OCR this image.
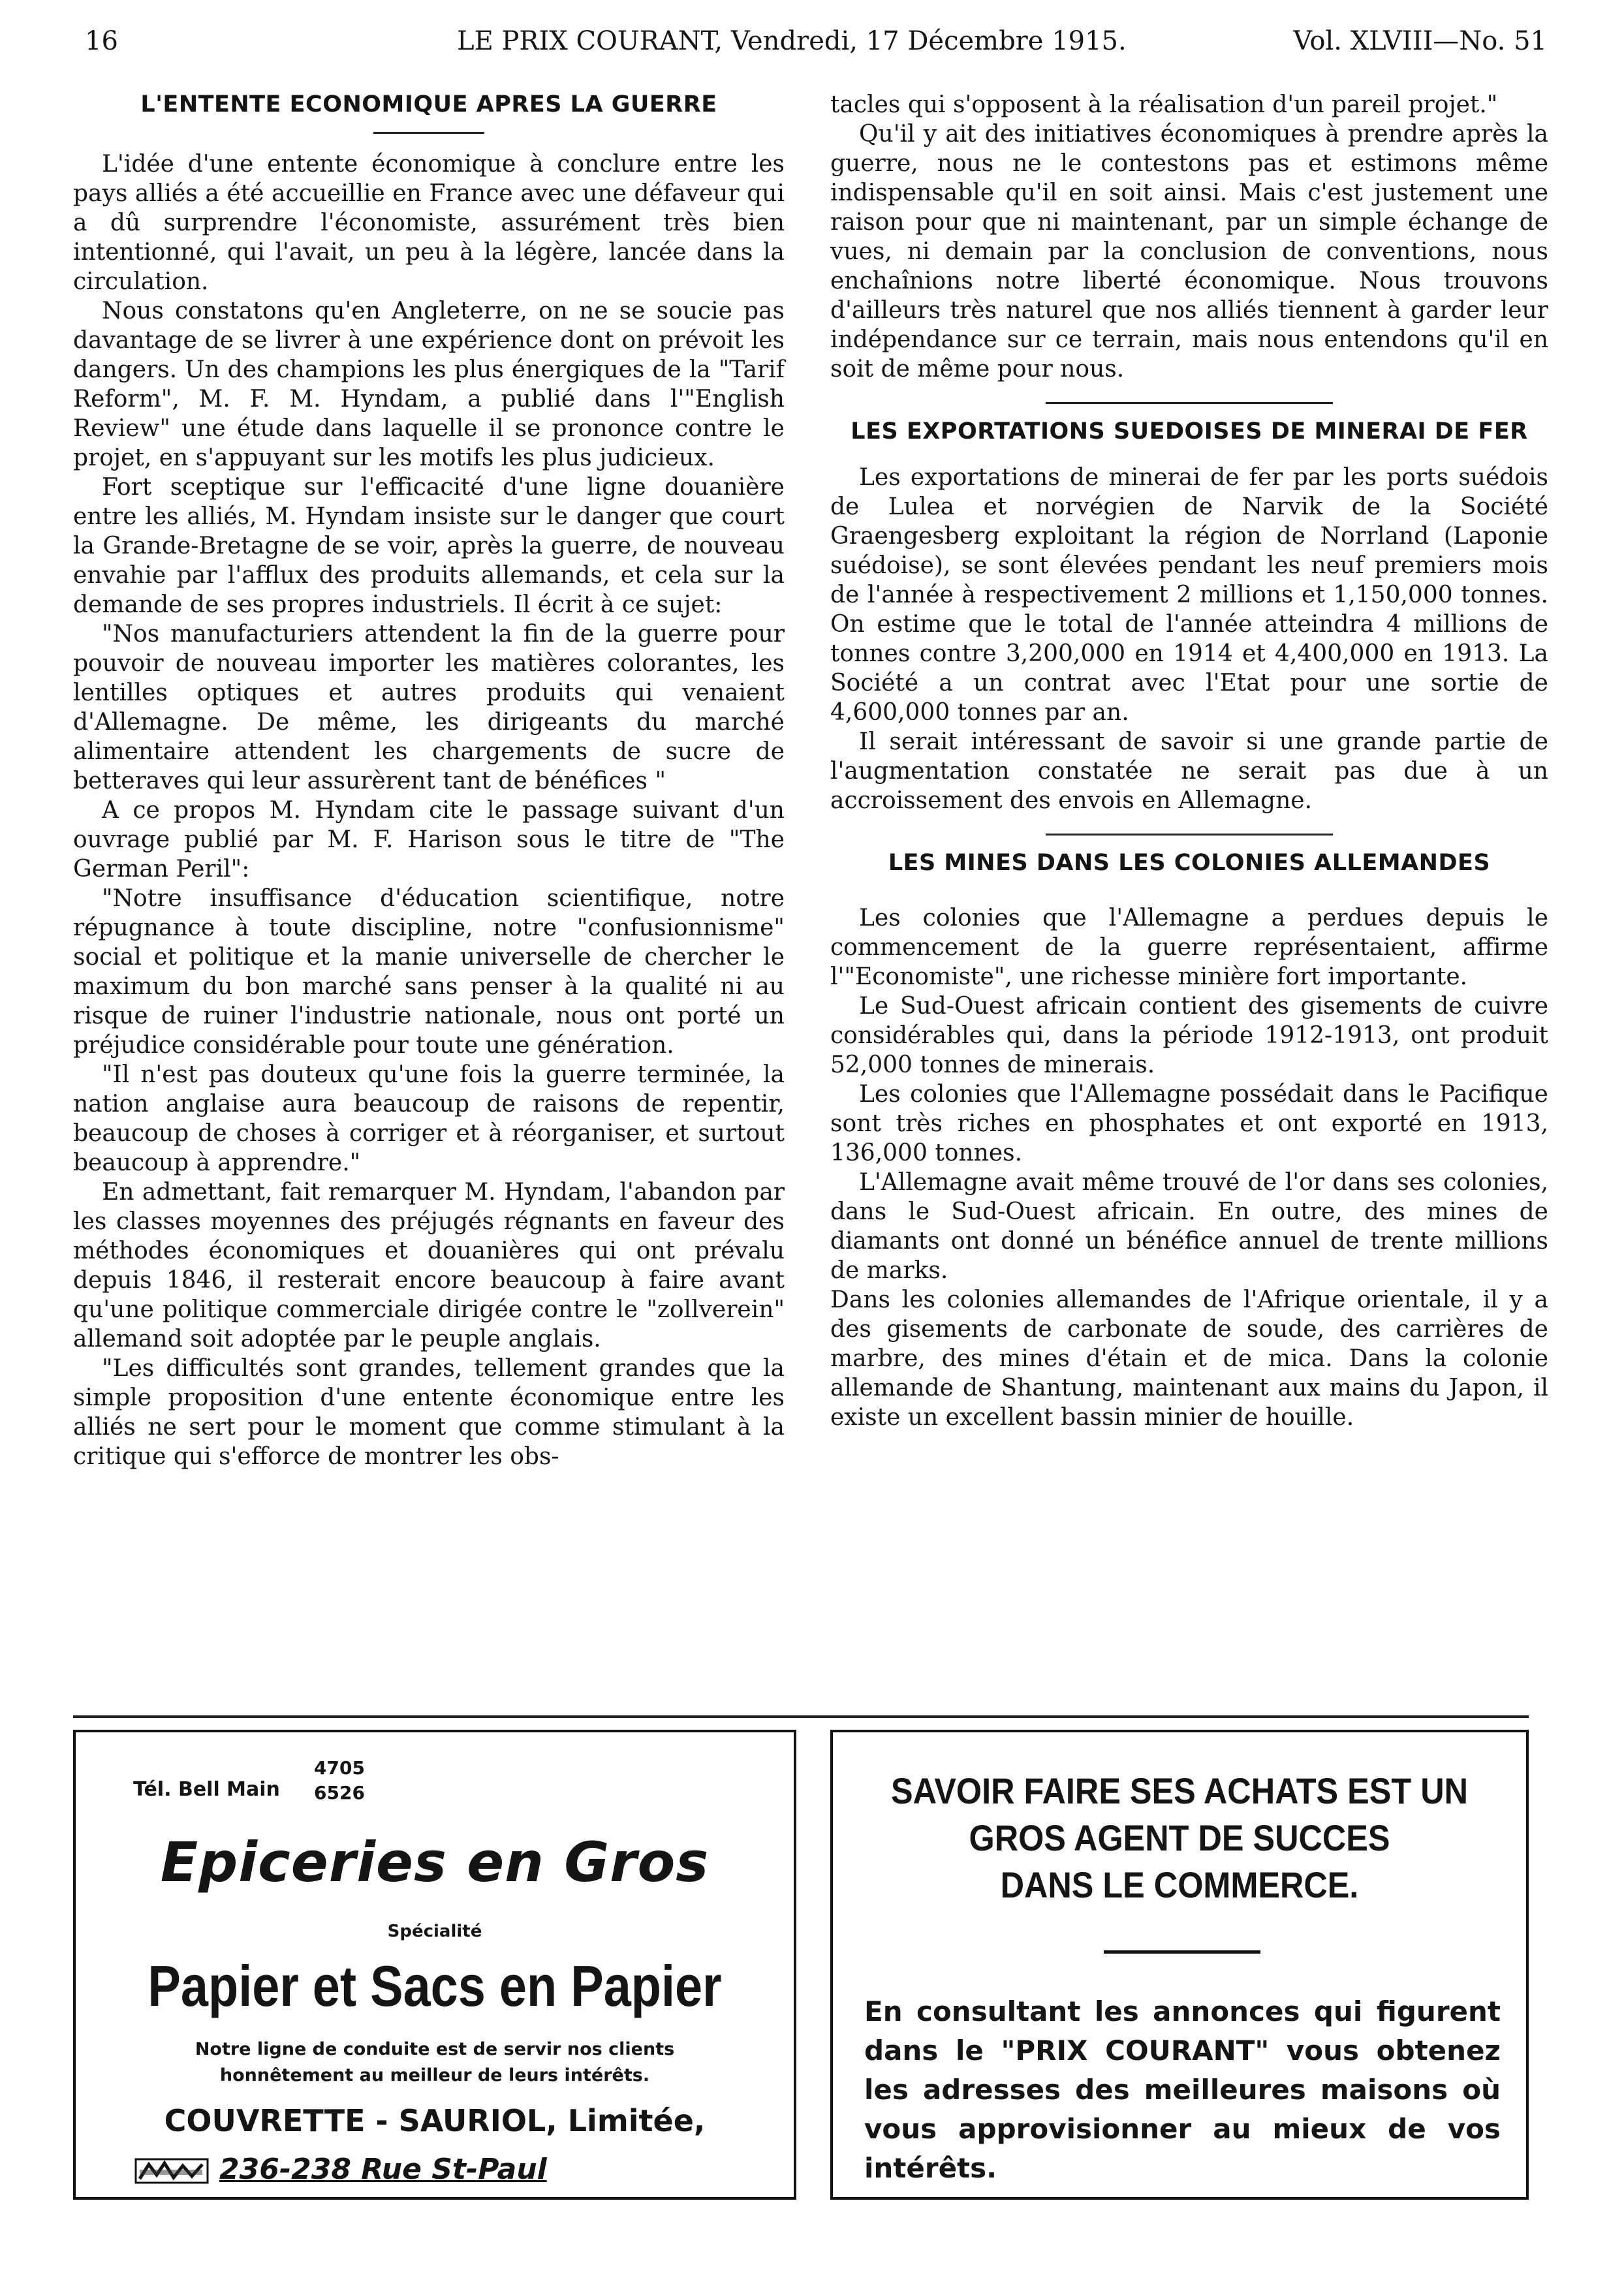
16	LE PRIX COURANT, Vendredi, 17 Décembre 1915.	Vol. XLVIII—No. 51
L'ENTENTE ECONOMIQUE APRES LA GUERRE

L'idée d'une entente économique à conclure entre les pays alliés a été accueillie en France avec une défaveur qui a dû surprendre l'économiste, assurément très bien intentionné, qui l'avait, un peu à la légère, lancée dans la circulation.

Nous constatons qu'en Angleterre, on ne se soucie pas davantage de se livrer à une expérience dont on prévoit les dangers. Un des champions les plus énergiques de la "Tarif Reform", M. F. M. Hyndam, a publié dans l'"English Review" une étude dans laquelle il se prononce contre le projet, en s'appuyant sur les motifs les plus judicieux.

Fort sceptique sur l'efficacité d'une ligne douanière entre les alliés, M. Hyndam insiste sur le danger que court la Grande-Bretagne de se voir, après la guerre, de nouveau envahie par l'afflux des produits allemands, et cela sur la demande de ses propres industriels. Il écrit à ce sujet:

"Nos manufacturiers attendent la fin de la guerre pour pouvoir de nouveau importer les matières colorantes, les lentilles optiques et autres produits qui venaient d'Allemagne. De même, les dirigeants du marché alimentaire attendent les chargements de sucre de betteraves qui leur assurèrent tant de bénéfices "

A ce propos M. Hyndam cite le passage suivant d'un ouvrage publié par M. F. Harison sous le titre de "The German Peril":

"Notre insuffisance d'éducation scientifique, notre répugnance à toute discipline, notre "confusionnisme" social et politique et la manie universelle de chercher le maximum du bon marché sans penser à la qualité ni au risque de ruiner l'industrie nationale, nous ont porté un préjudice considérable pour toute une génération.

"Il n'est pas douteux qu'une fois la guerre terminée, la nation anglaise aura beaucoup de raisons de repentir, beaucoup de choses à corriger et à réorganiser, et surtout beaucoup à apprendre."

En admettant, fait remarquer M. Hyndam, l'abandon par les classes moyennes des préjugés régnants en faveur des méthodes économiques et douanières qui ont prévalu depuis 1846, il resterait encore beaucoup à faire avant qu'une politique commerciale dirigée contre le "zollverein" allemand soit adoptée par le peuple anglais.

"Les difficultés sont grandes, tellement grandes que la simple proposition d'une entente économique entre les alliés ne sert pour le moment que comme stimulant à la critique qui s'efforce de montrer les obs-

tacles qui s'opposent à la réalisation d'un pareil projet."

Qu'il y ait des initiatives économiques à prendre après la guerre, nous ne le contestons pas et estimons même indispensable qu'il en soit ainsi. Mais c'est justement une raison pour que ni maintenant, par un simple échange de vues, ni demain par la conclusion de conventions, nous enchaînions notre liberté économique. Nous trouvons d'ailleurs très naturel que nos alliés tiennent à garder leur indépendance sur ce terrain, mais nous entendons qu'il en soit de même pour nous.

LES EXPORTATIONS SUEDOISES DE MINERAI DE FER

Les exportations de minerai de fer par les ports suédois de Lulea et norvégien de Narvik de la Société Graengesberg exploitant la région de Norrland (Laponie suédoise), se sont élevées pendant les neuf premiers mois de l'année à respectivement 2 millions et 1,150,000 tonnes. On estime que le total de l'année atteindra 4 millions de tonnes contre 3,200,000 en 1914 et 4,400,000 en 1913. La Société a un contrat avec l'Etat pour une sortie de 4,600,000 tonnes par an.

Il serait intéressant de savoir si une grande partie de l'augmentation constatée ne serait pas due à un accroissement des envois en Allemagne.

LES MINES DANS LES COLONIES ALLEMANDES

Les colonies que l'Allemagne a perdues depuis le commencement de la guerre représentaient, affirme l'"Economiste", une richesse minière fort importante.

Le Sud-Ouest africain contient des gisements de cuivre considérables qui, dans la période 1912-1913, ont produit 52,000 tonnes de minerais.

Les colonies que l'Allemagne possédait dans le Pacifique sont très riches en phosphates et ont exporté en 1913, 136,000 tonnes.

L'Allemagne avait même trouvé de l'or dans ses colonies, dans le Sud-Ouest africain. En outre, des mines de diamants ont donné un bénéfice annuel de trente millions de marks.

Dans les colonies allemandes de l'Afrique orientale, il y a des gisements de carbonate de soude, des carrières de marbre, des mines d'étain et de mica. Dans la colonie allemande de Shantung, maintenant aux mains du Japon, il existe un excellent bassin minier de houille.

Tél. Bell Main
4705
6526
Epiceries en Gros
Spécialité
Papier et Sacs en Papier
Notre ligne de conduite est de servir nos clients
honnêtement au meilleur de leurs intérêts.
COUVRETTE - SAURIOL, Limitée,
236-238 Rue St-Paul
SAVOIR FAIRE SES ACHATS EST UN
GROS AGENT DE SUCCES
DANS LE COMMERCE.
En consultant les annonces qui figurent dans le "PRIX COURANT" vous obtenez les adresses des meilleures maisons où vous approvisionner au mieux de vos intérêts.
